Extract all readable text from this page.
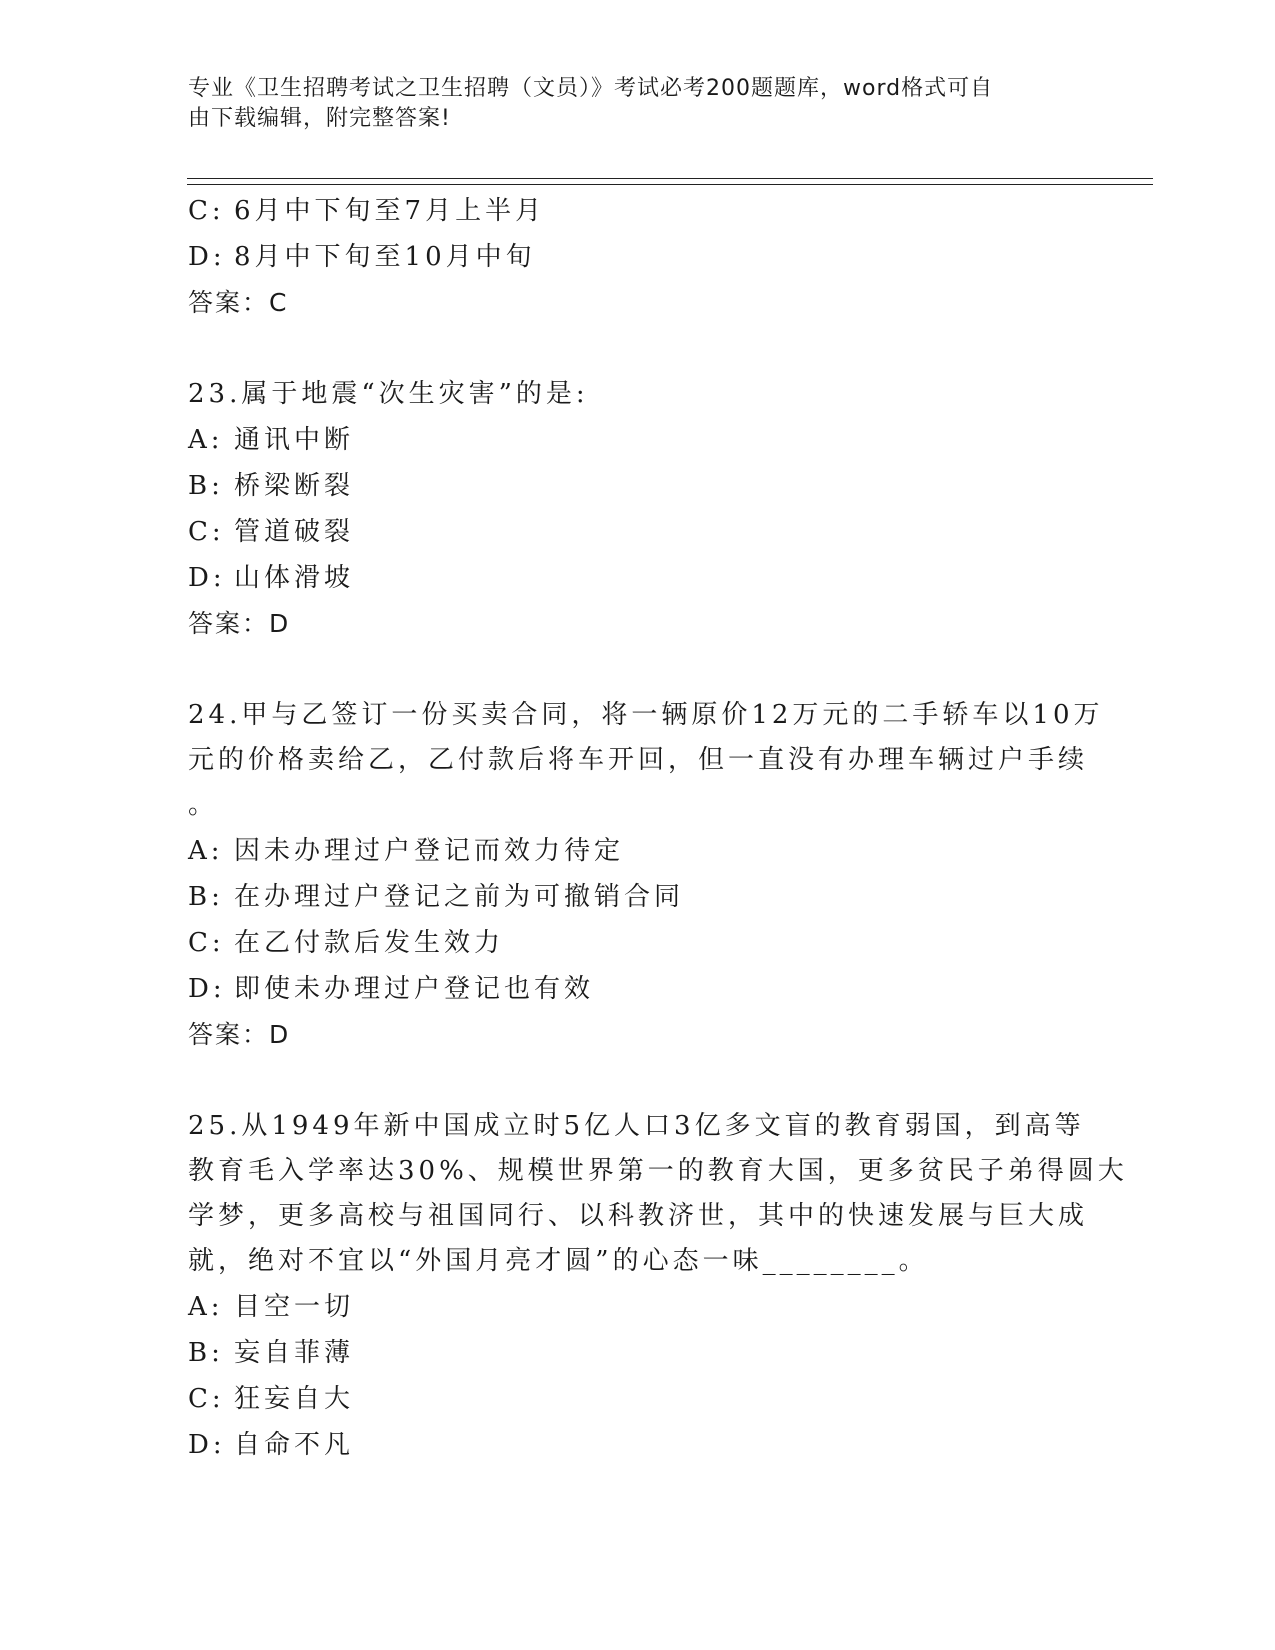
专业《卫生招聘考试之卫生招聘（文员）》考试必考200题题库，word格式可自
由下载编辑，附完整答案!
C: 6月中下旬至7月上半月
D: 8月中下旬至10月中旬
答案：C
23.属于地震“次生灾害”的是:
A: 通讯中断
B: 桥梁断裂
C: 管道破裂
D: 山体滑坡
答案：D
24.甲与乙签订一份买卖合同，将一辆原价12万元的二手轿车以10万
元的价格卖给乙，乙付款后将车开回，但一直没有办理车辆过户手续
。
A: 因未办理过户登记而效力待定
B: 在办理过户登记之前为可撤销合同
C: 在乙付款后发生效力
D: 即使未办理过户登记也有效
答案：D
25.从1949年新中国成立时5亿人口3亿多文盲的教育弱国，到高等
教育毛入学率达30%、规模世界第一的教育大国，更多贫民子弟得圆大
学梦，更多高校与祖国同行、以科教济世，其中的快速发展与巨大成
就，绝对不宜以“外国月亮才圆”的心态一味________。
A: 目空一切
B: 妄自菲薄
C: 狂妄自大
D: 自命不凡
